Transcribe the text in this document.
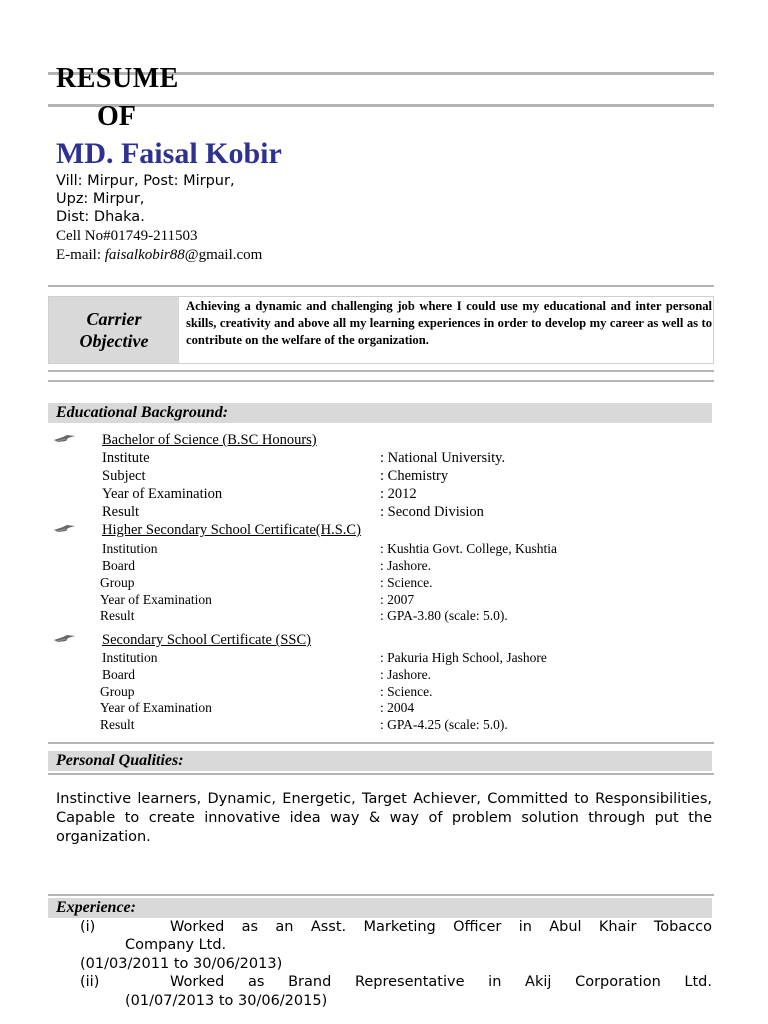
RESUME
OF
MD. Faisal Kobir
Vill: Mirpur, Post: Mirpur,
Upz: Mirpur,
Dist: Dhaka.
Cell No#01749-211503
E-mail: faisalkobir88@gmail.com
Carrier
Objective
Achieving a dynamic and challenging job where I could use my educational and inter personal skills, creativity and above all my learning experiences in order to develop my career as well as to contribute on the welfare of the organization.
Educational Background:
Bachelor of Science (B.SC Honours)
Institute	: National University.
Subject	: Chemistry
Year of Examination	: 2012
Result	: Second Division
Higher Secondary School Certificate(H.S.C)
Institution	: Kushtia Govt. College, Kushtia
Board	: Jashore.
Group	: Science.
Year of Examination	: 2007
Result	: GPA-3.80 (scale: 5.0).
Secondary School Certificate (SSC)
Institution	: Pakuria High School, Jashore
Board	: Jashore.
Group	: Science.
Year of Examination	: 2004
Result	: GPA-4.25 (scale: 5.0).
Personal Qualities:
Instinctive learners, Dynamic, Energetic, Target Achiever, Committed to Responsibilities, Capable to create innovative idea way & way of problem solution through put the organization.
Experience:
(i)	Worked as an Asst. Marketing Officer in Abul Khair Tobacco
Company Ltd.
(01/03/2011 to 30/06/2013)
(ii)	Worked as Brand Representative in Akij Corporation Ltd.
(01/07/2013 to 30/06/2015)
